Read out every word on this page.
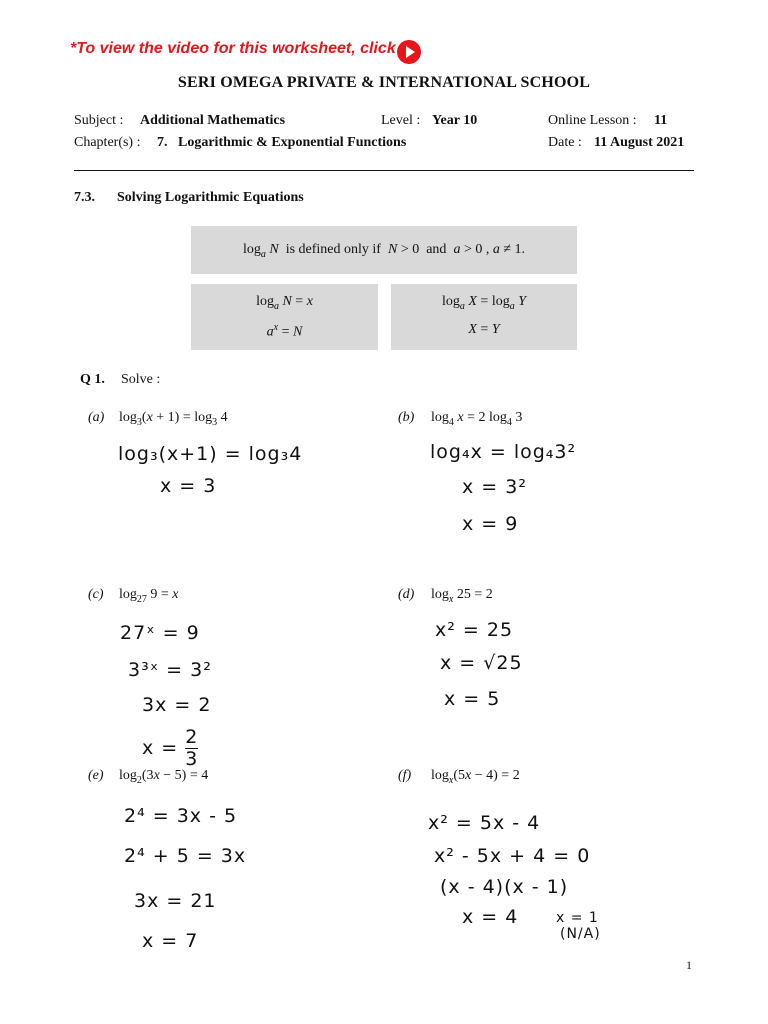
*To view the video for this worksheet, click
SERI OMEGA PRIVATE & INTERNATIONAL SCHOOL
Subject : Additional Mathematics	Level : Year 10	Online Lesson : 11
Chapter(s) : 7.   Logarithmic & Exponential Functions	Date : 11 August 2021
7.3. Solving Logarithmic Equations
$\log_a N$ is defined only if N > 0  and a > 0 , a ≠ 1.
$\log_a N = x$
$a^x = N$
$\log_a X = \log_a Y$
X = Y
Q 1. Solve :
(a) $\log_3(x + 1) = \log_3 4$
log₃(x+1) = log₃4
x = 3
(b) $\log_4 x = 2$ $\log_4 3$
log₄x = log₄3²
x = 3²
x = 9
(c) $\log_{27} 9 = x$
27ˣ = 9
3³ˣ = 3²
3x = 2
$x = \frac{2}{3}$
(d) $\log_x 25 = 2$
x² = 25
x = √25
x = 5
(e) $\log_2(3x - 5) = 4$
2⁴ = 3x - 5
2⁴ + 5 = 3x
3x = 21
x = 7
(f) $\log_x(5x - 4) = 2$
x² = 5x - 4
x² - 5x + 4 = 0
(x - 4)(x - 1)
x = 4	x = 1
(N/A)
1
